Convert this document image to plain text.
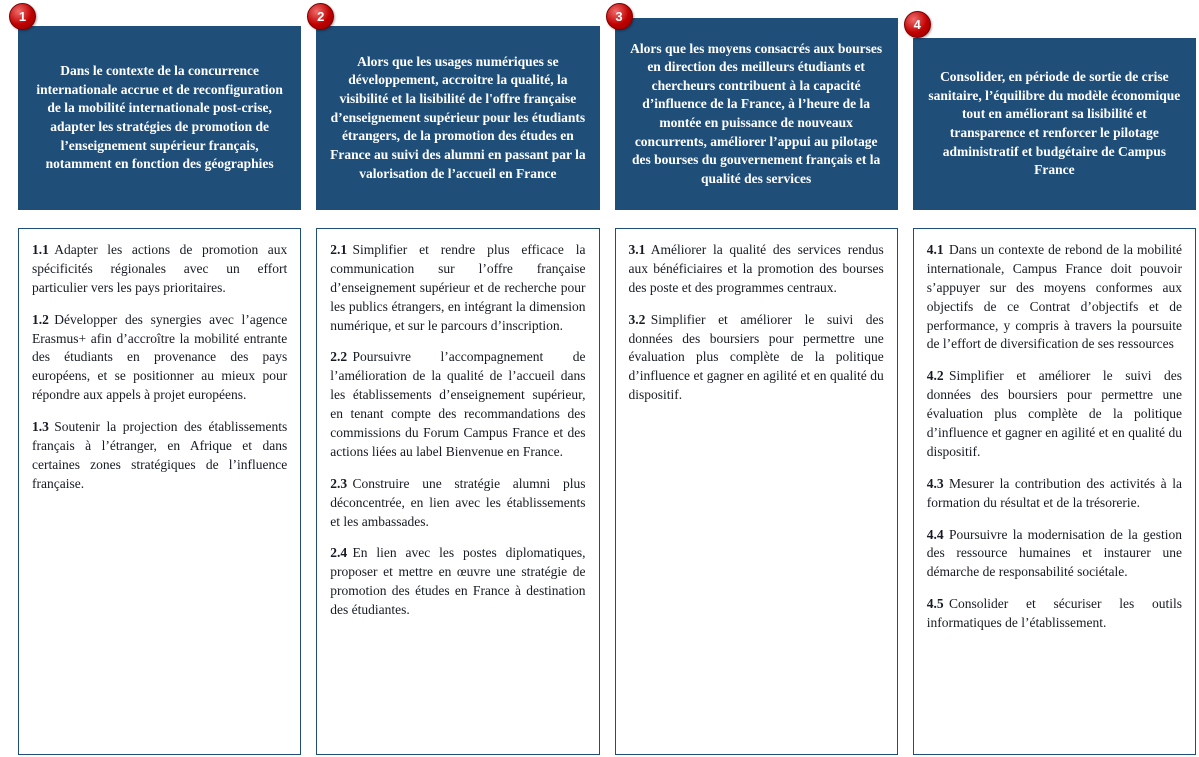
1

Dans le contexte de la concurrence internationale accrue et de reconfiguration de la mobilité internationale post-crise, adapter les stratégies de promotion de l’enseignement supérieur français, notamment en fonction des géographies

1.1 Adapter les actions de promotion aux spécificités régionales avec un effort particulier vers les pays prioritaires.

1.2 Développer des synergies avec l’agence Erasmus+ afin d’accroître la mobilité entrante des étudiants en provenance des pays européens, et se positionner au mieux pour répondre aux appels à projet européens.

1.3 Soutenir la projection des établissements français à l’étranger, en Afrique et dans certaines zones stratégiques de l’influence française.

2

Alors que les usages numériques se développement, accroitre la qualité, la visibilité et la lisibilité de l'offre française d’enseignement supérieur pour les étudiants étrangers, de la promotion des études en France au suivi des alumni en passant par la valorisation de l’accueil en France

2.1 Simplifier et rendre plus efficace la communication sur l’offre française d’enseignement supérieur et de recherche pour les publics étrangers, en intégrant la dimension numérique, et sur le parcours d’inscription.

2.2 Poursuivre l’accompagnement de l’amélioration de la qualité de l’accueil dans les établissements d’enseignement supérieur, en tenant compte des recommandations des commissions du Forum Campus France et des actions liées au label Bienvenue en France.

2.3 Construire une stratégie alumni plus déconcentrée, en lien avec les établissements et les ambassades.

2.4 En lien avec les postes diplomatiques, proposer et mettre en œuvre une stratégie de promotion des études en France à destination des étudiantes.

3

Alors que les moyens consacrés aux bourses en direction des meilleurs étudiants et chercheurs contribuent à la capacité d’influence de la France, à l’heure de la montée en puissance de nouveaux concurrents, améliorer l’appui au pilotage des bourses du gouvernement français et la qualité des services

3.1 Améliorer la qualité des services rendus aux bénéficiaires et la promotion des bourses des poste et des programmes centraux.

3.2 Simplifier et améliorer le suivi des données des boursiers pour permettre une évaluation plus complète de la politique d’influence et gagner en agilité et en qualité du dispositif.

4

Consolider, en période de sortie de crise sanitaire, l’équilibre du modèle économique tout en améliorant sa lisibilité et transparence et renforcer le pilotage administratif et budgétaire de Campus France

4.1 Dans un contexte de rebond de la mobilité internationale, Campus France doit pouvoir s’appuyer sur des moyens conformes aux objectifs de ce Contrat d’objectifs et de performance, y compris à travers la poursuite de l’effort de diversification de ses ressources

4.2 Simplifier et améliorer le suivi des données des boursiers pour permettre une évaluation plus complète de la politique d’influence et gagner en agilité et en qualité du dispositif.

4.3 Mesurer la contribution des activités à la formation du résultat et de la trésorerie.

4.4 Poursuivre la modernisation de la gestion des ressource humaines et instaurer une démarche de responsabilité sociétale.

4.5 Consolider et sécuriser les outils informatiques de l’établissement.
